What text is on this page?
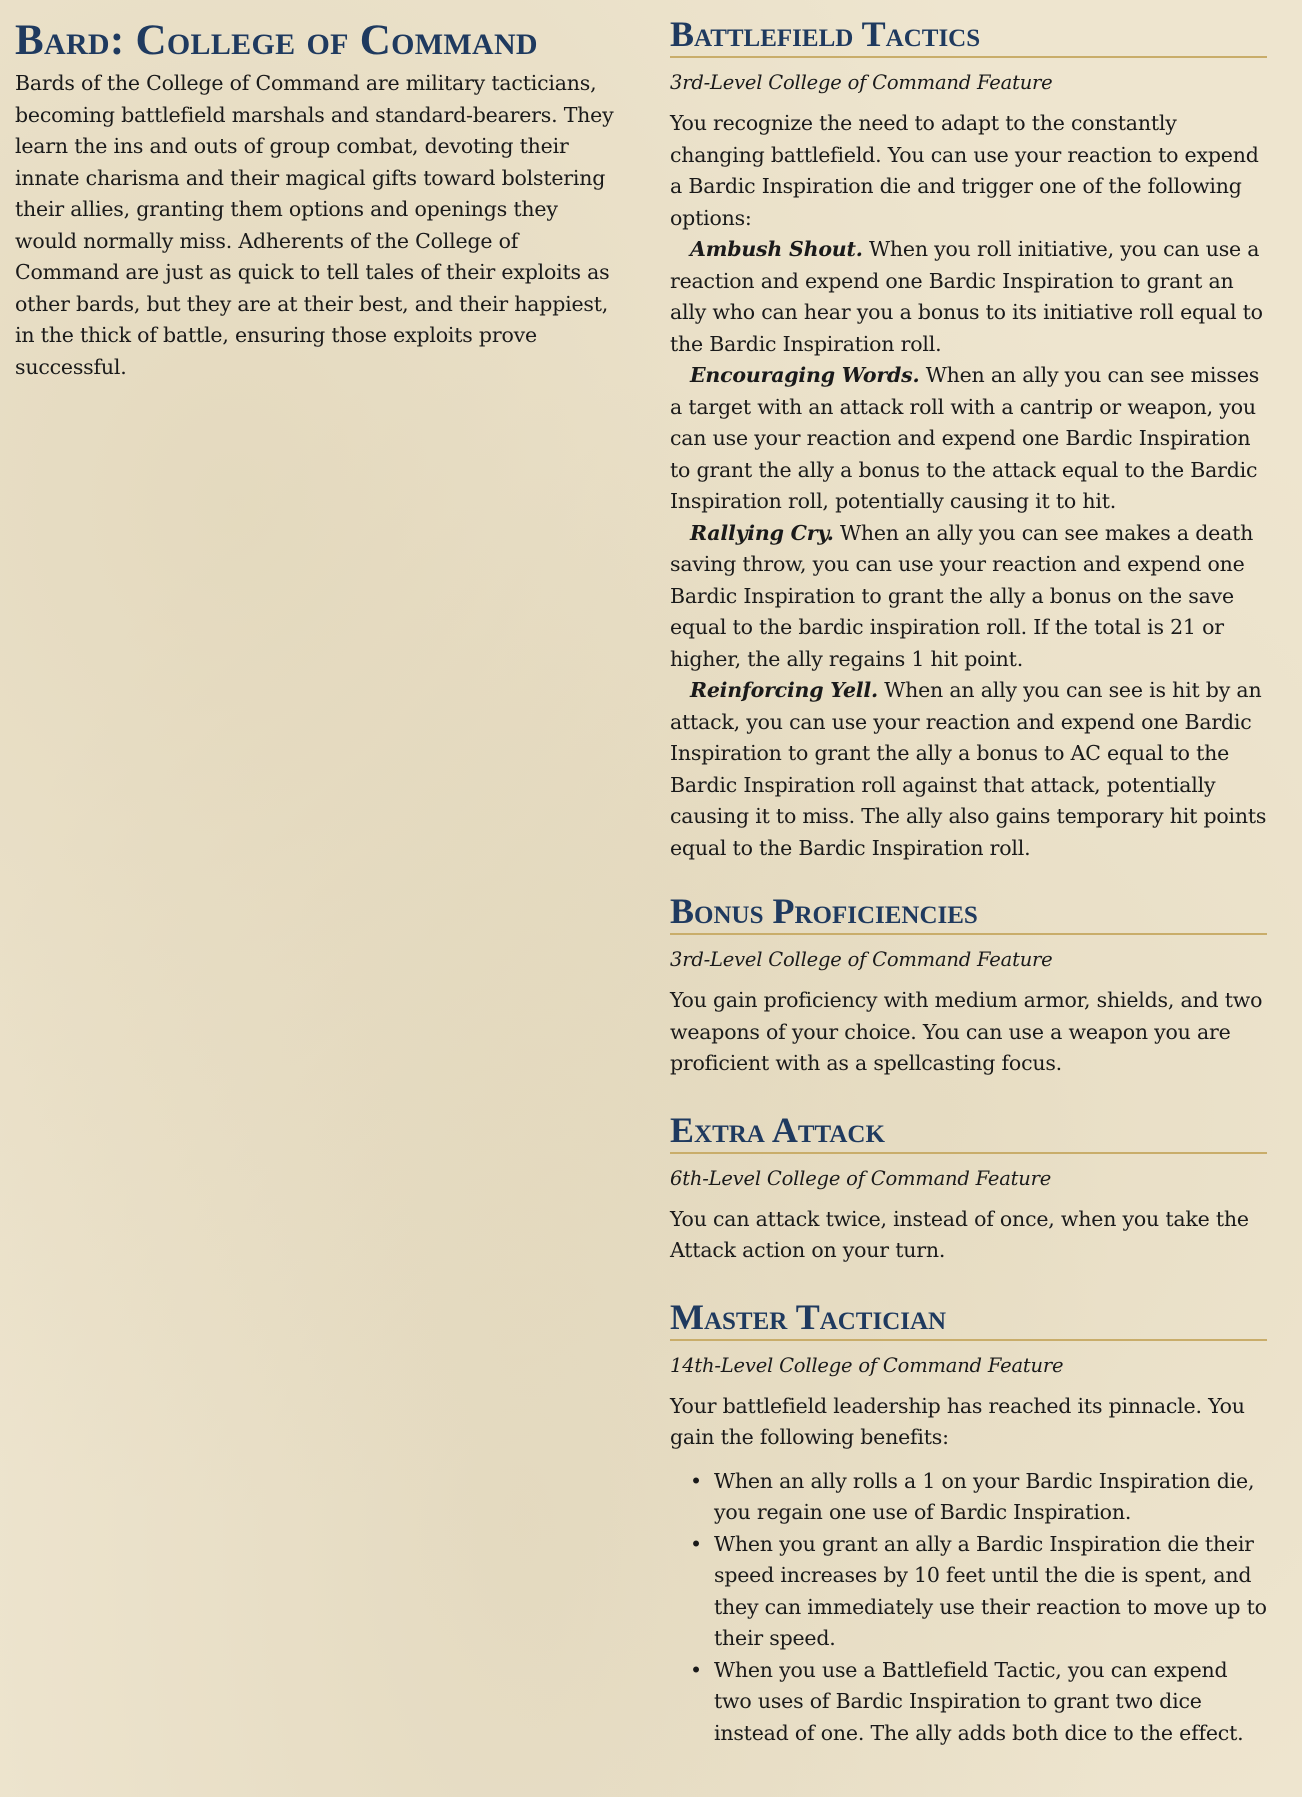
Bard: College of Command

Bards of the College of Command are military tacticians, becoming battlefield marshals and standard-bearers. They learn the ins and outs of group combat, devoting their innate charisma and their magical gifts toward bolstering their allies, granting them options and openings they would normally miss. Adherents of the College of Command are just as quick to tell tales of their exploits as other bards, but they are at their best, and their happiest, in the thick of battle, ensuring those exploits prove successful.

Battlefield Tactics

3rd-Level College of Command Feature

You recognize the need to adapt to the constantly changing battlefield. You can use your reaction to expend a Bardic Inspiration die and trigger one of the following options:

Ambush Shout. When you roll initiative, you can use a reaction and expend one Bardic Inspiration to grant an ally who can hear you a bonus to its initiative roll equal to the Bardic Inspiration roll.

Encouraging Words. When an ally you can see misses a target with an attack roll with a cantrip or weapon, you can use your reaction and expend one Bardic Inspiration to grant the ally a bonus to the attack equal to the Bardic Inspiration roll, potentially causing it to hit.

Rallying Cry. When an ally you can see makes a death saving throw, you can use your reaction and expend one Bardic Inspiration to grant the ally a bonus on the save equal to the bardic inspiration roll. If the total is 21 or higher, the ally regains 1 hit point.

Reinforcing Yell. When an ally you can see is hit by an attack, you can use your reaction and expend one Bardic Inspiration to grant the ally a bonus to AC equal to the Bardic Inspiration roll against that attack, potentially causing it to miss. The ally also gains temporary hit points equal to the Bardic Inspiration roll.

Bonus Proficiencies

3rd-Level College of Command Feature

You gain proficiency with medium armor, shields, and two weapons of your choice. You can use a weapon you are proficient with as a spellcasting focus.

Extra Attack

6th-Level College of Command Feature

You can attack twice, instead of once, when you take the Attack action on your turn.

Master Tactician

14th-Level College of Command Feature

Your battlefield leadership has reached its pinnacle. You gain the following benefits:

• When an ally rolls a 1 on your Bardic Inspiration die, you regain one use of Bardic Inspiration.
• When you grant an ally a Bardic Inspiration die their speed increases by 10 feet until the die is spent, and they can immediately use their reaction to move up to their speed.
• When you use a Battlefield Tactic, you can expend two uses of Bardic Inspiration to grant two dice instead of one. The ally adds both dice to the effect.
